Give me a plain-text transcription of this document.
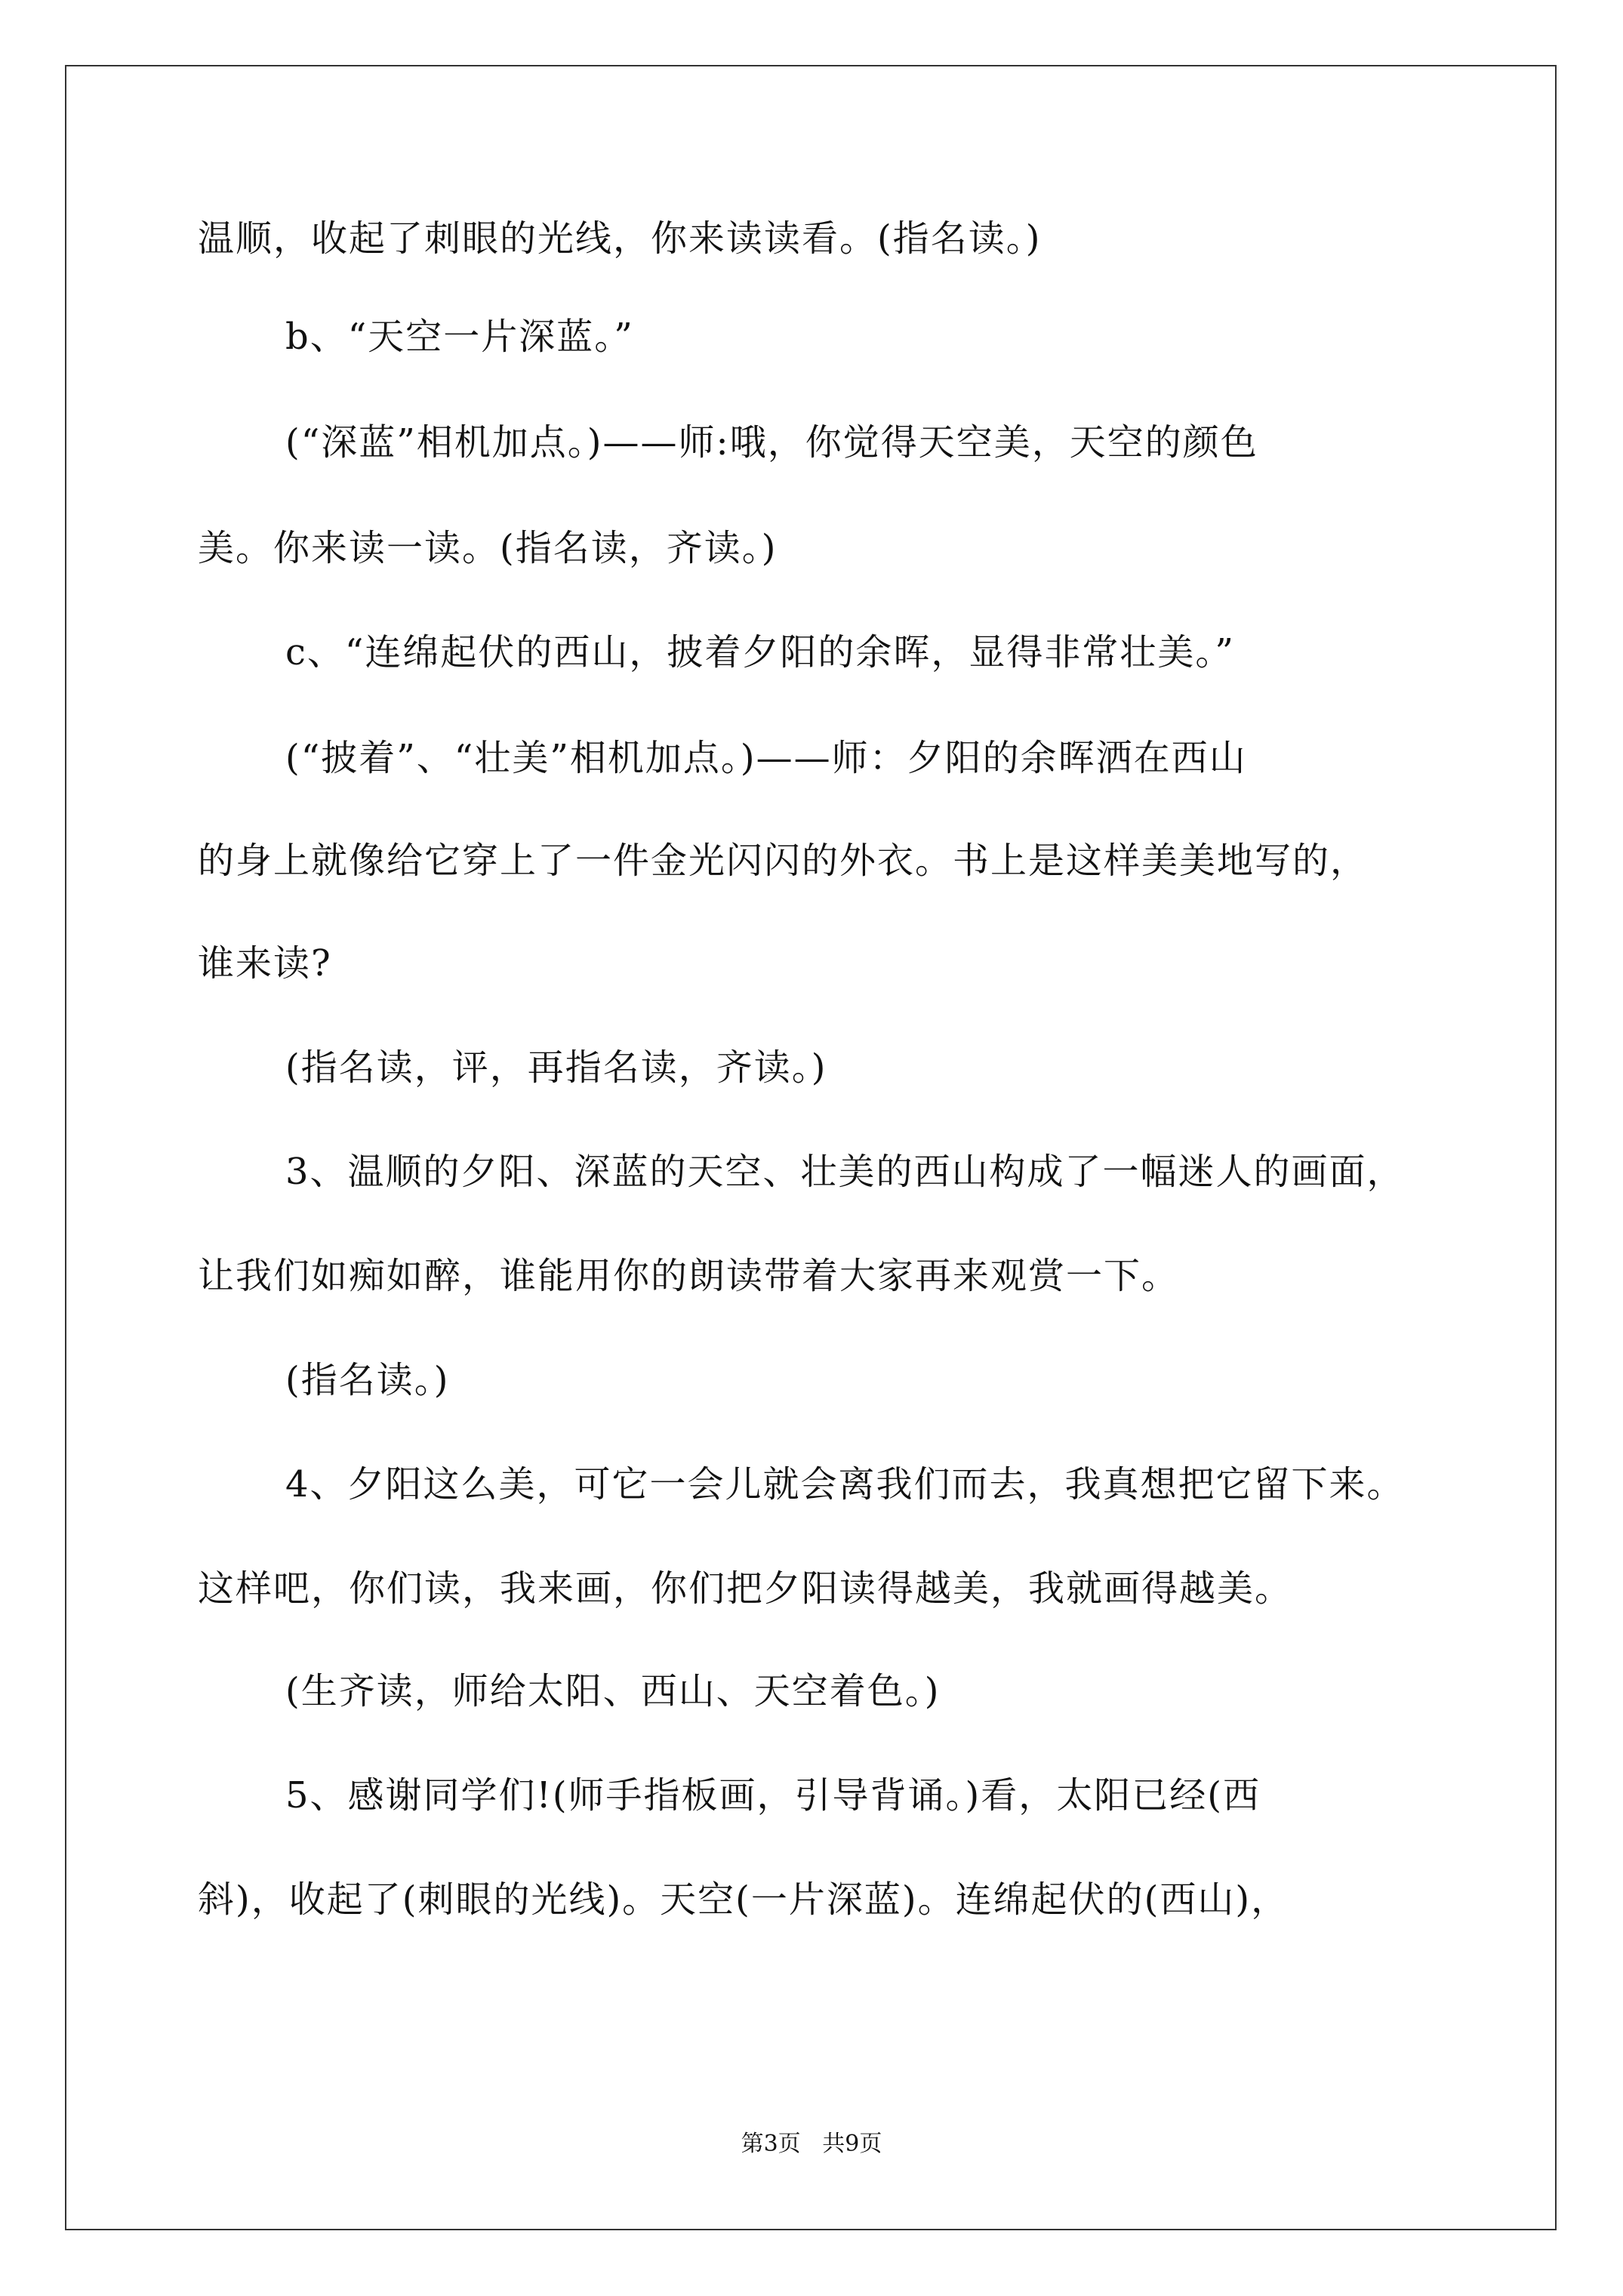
温顺，收起了刺眼的光线，你来读读看。(指名读。)

b、“天空一片深蓝。”

(“深蓝”相机加点。)——师:哦，你觉得天空美，天空的颜色

美。你来读一读。(指名读，齐读。)

c、“连绵起伏的西山，披着夕阳的余晖，显得非常壮美。”

(“披着”、“壮美”相机加点。)——师：夕阳的余晖洒在西山

的身上就像给它穿上了一件金光闪闪的外衣。书上是这样美美地写的，

谁来读?

(指名读，评，再指名读，齐读。)

3、温顺的夕阳、深蓝的天空、壮美的西山构成了一幅迷人的画面，

让我们如痴如醉，谁能用你的朗读带着大家再来观赏一下。

(指名读。)

4、夕阳这么美，可它一会儿就会离我们而去，我真想把它留下来。

这样吧，你们读，我来画，你们把夕阳读得越美，我就画得越美。

(生齐读，师给太阳、西山、天空着色。)

5、感谢同学们!(师手指板画，引导背诵。)看，太阳已经(西

斜)，收起了(刺眼的光线)。天空(一片深蓝)。连绵起伏的(西山)，

第3页   共9页
